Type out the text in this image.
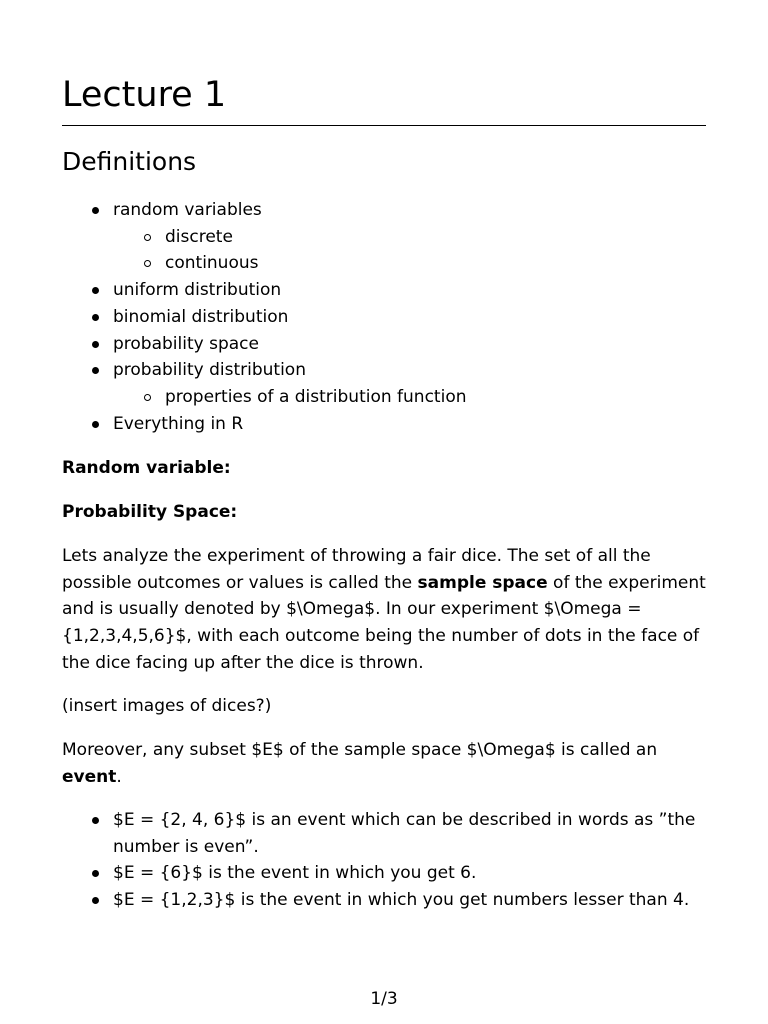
Lecture 1
Definitions
random variables
discrete
continuous
uniform distribution
binomial distribution
probability space
probability distribution
properties of a distribution function
Everything in R

Random variable:

Probability Space:

Lets analyze the experiment of throwing a fair dice. The set of all the possible outcomes or values is called the sample space of the experiment and is usually denoted by $\Omega$. In our experiment $\Omega = {1,2,3,4,5,6}$, with each outcome being the number of dots in the face of the dice facing up after the dice is thrown.

(insert images of dices?)

Moreover, any subset $E$ of the sample space $\Omega$ is called an event.

$E = {2, 4, 6}$ is an event which can be described in words as ”the number is even”.
$E = {6}$ is the event in which you get 6.
$E = {1,2,3}$ is the event in which you get numbers lesser than 4.
1/3
